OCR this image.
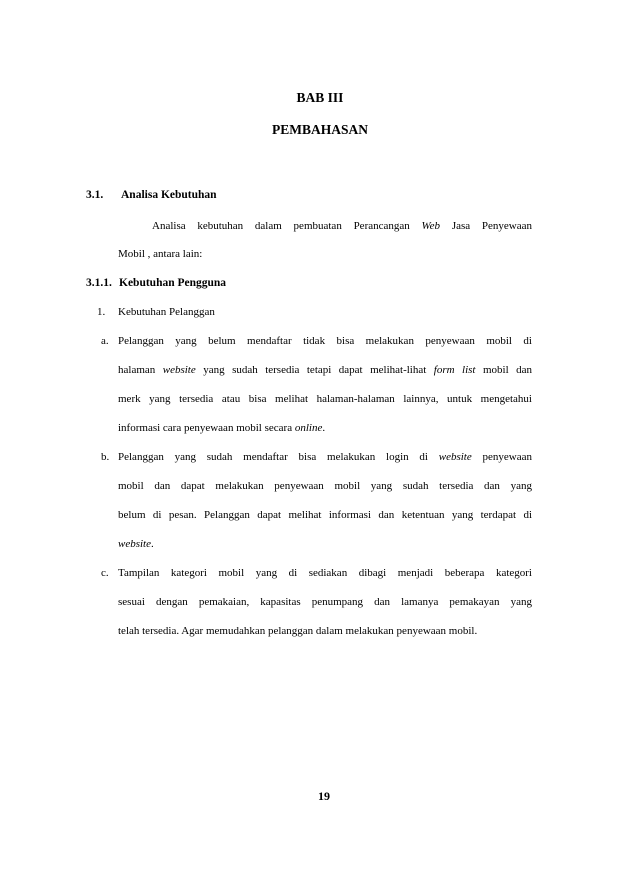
BAB III
PEMBAHASAN
3.1. Analisa Kebutuhan
Analisa kebutuhan dalam pembuatan Perancangan Web Jasa Penyewaan
Mobil , antara lain:
3.1.1. Kebutuhan Pengguna
1. Kebutuhan Pelanggan
a. Pelanggan yang belum mendaftar tidak bisa melakukan penyewaan mobil di
halaman website yang sudah tersedia tetapi dapat melihat-lihat form list mobil dan
merk yang tersedia atau bisa melihat halaman-halaman lainnya, untuk mengetahui
informasi cara penyewaan mobil secara online.
b. Pelanggan yang sudah mendaftar bisa melakukan login di website penyewaan
mobil dan dapat melakukan penyewaan mobil yang sudah tersedia dan yang
belum di pesan. Pelanggan dapat melihat informasi dan ketentuan yang terdapat di
website.
c. Tampilan kategori mobil yang di sediakan dibagi menjadi beberapa kategori
sesuai dengan pemakaian, kapasitas penumpang dan lamanya pemakayan yang
telah tersedia. Agar memudahkan pelanggan dalam melakukan penyewaan mobil.
19
